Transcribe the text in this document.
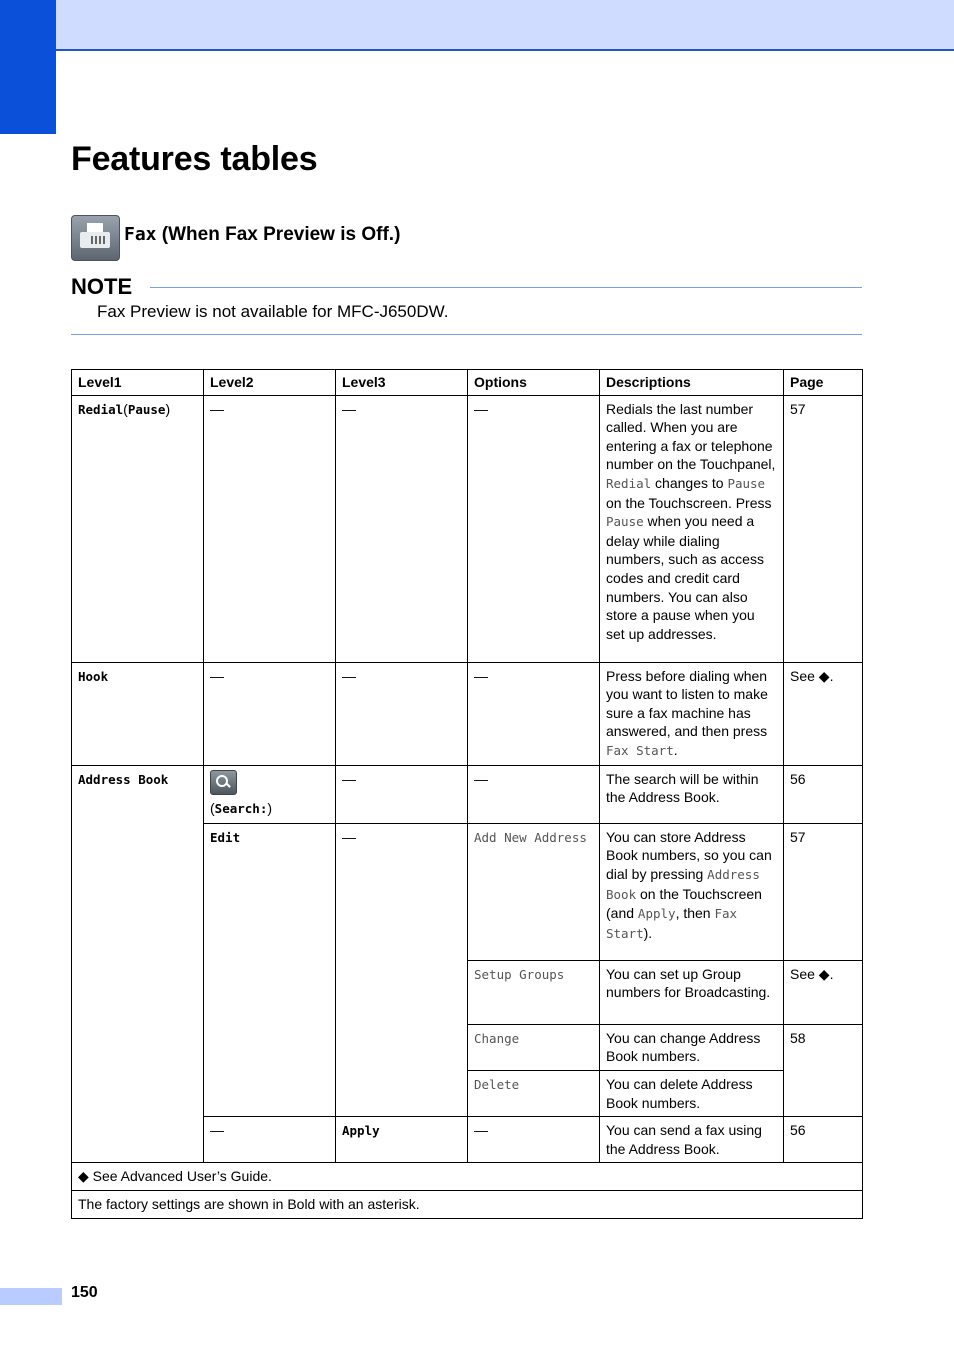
Features tables
Fax (When Fax Preview is Off.)
NOTE
Fax Preview is not available for MFC-J650DW.
Level1	Level2	Level3	Options	Descriptions	Page
Redial(Pause)	—	—	—	Redials the last number called. When you are entering a fax or telephone number on the Touchpanel, Redial changes to Pause on the Touchscreen. Press Pause when you need a delay while dialing numbers, such as access codes and credit card numbers. You can also store a pause when you set up addresses.	57
Hook	—	—	—	Press before dialing when you want to listen to make sure a fax machine has answered, and then press Fax Start.	See ◆.
Address Book	(Search:)	—	—	The search will be within the Address Book.	56
	Edit	—	Add New Address	You can store Address Book numbers, so you can dial by pressing Address Book on the Touchscreen (and Apply, then Fax Start).	57
			Setup Groups	You can set up Group numbers for Broadcasting.	See ◆.
			Change	You can change Address Book numbers.	58
			Delete	You can delete Address Book numbers.	
	—	Apply	—	You can send a fax using the Address Book.	56
◆ See Advanced User’s Guide.					
The factory settings are shown in Bold with an asterisk.					
150
